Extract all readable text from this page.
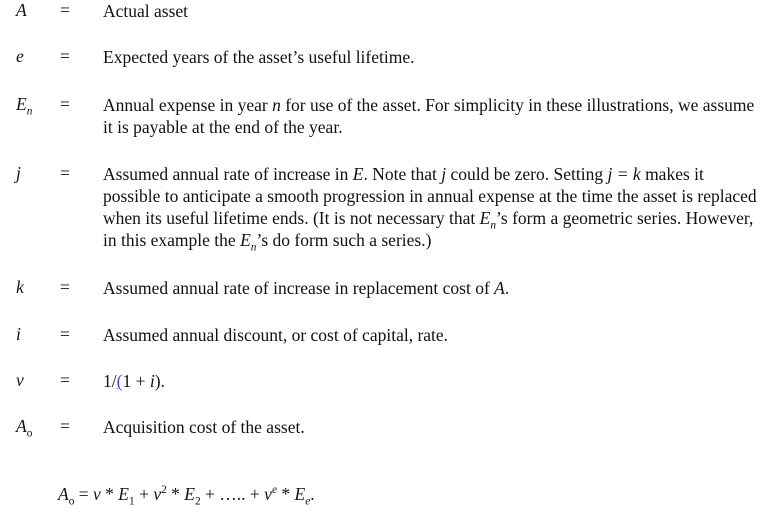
A = Actual asset
e = Expected years of the asset’s useful lifetime.
$E_n$ = Annual expense in year n for use of the asset. For simplicity in these illustrations, we assume it is payable at the end of the year.
j = Assumed annual rate of increase in E. Note that j could be zero. Setting j = k makes it possible to anticipate a smooth progression in annual expense at the time the asset is replaced when its useful lifetime ends. (It is not necessary that $E_n’s$ form a geometric series. However, in this example the $E_n’s$ do form such a series.)
k = Assumed annual rate of increase in replacement cost of A.
i = Assumed annual discount, or cost of capital, rate.
v = 1/(1 + i).
$A_o$ = Acquisition cost of the asset.
$A_o = v * E_1 + v^2 * E_2$ + ….. + $v^e * E_e$.
